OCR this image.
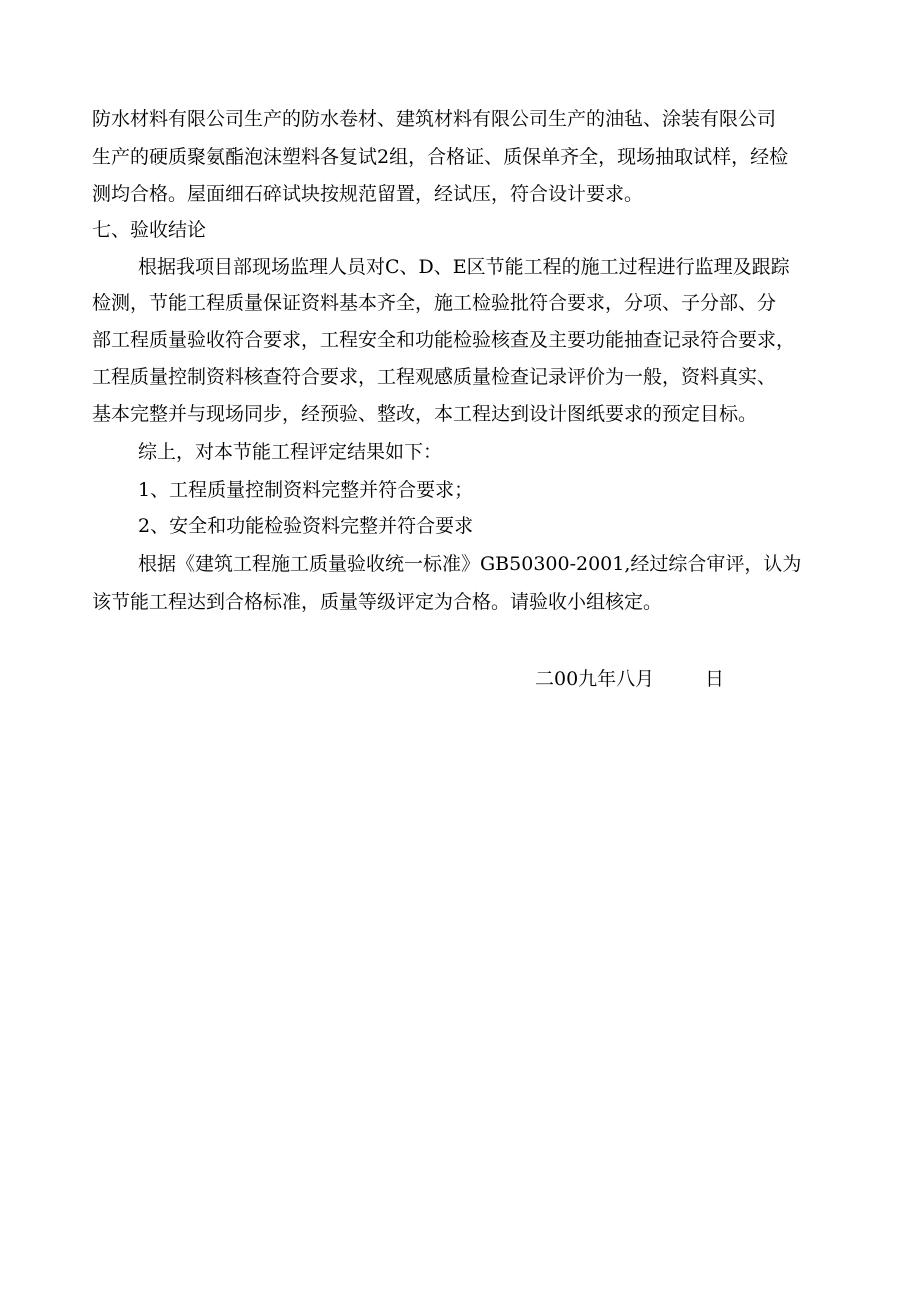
防水材料有限公司生产的防水卷材、建筑材料有限公司生产的油毡、涂装有限公司
生产的硬质聚氨酯泡沫塑料各复试2组，合格证、质保单齐全，现场抽取试样，经检
测均合格。屋面细石碎试块按规范留置，经试压，符合设计要求。
七、验收结论
根据我项目部现场监理人员对C、D、E区节能工程的施工过程进行监理及跟踪
检测，节能工程质量保证资料基本齐全，施工检验批符合要求，分项、子分部、分
部工程质量验收符合要求，工程安全和功能检验核查及主要功能抽查记录符合要求，
工程质量控制资料核查符合要求，工程观感质量检查记录评价为一般，资料真实、
基本完整并与现场同步，经预验、整改，本工程达到设计图纸要求的预定目标。
综上，对本节能工程评定结果如下：
1、工程质量控制资料完整并符合要求；
2、安全和功能检验资料完整并符合要求
根据《建筑工程施工质量验收统一标准》GB50300-2001,经过综合审评，认为
该节能工程达到合格标准，质量等级评定为合格。请验收小组核定。
二00九年八月	日
